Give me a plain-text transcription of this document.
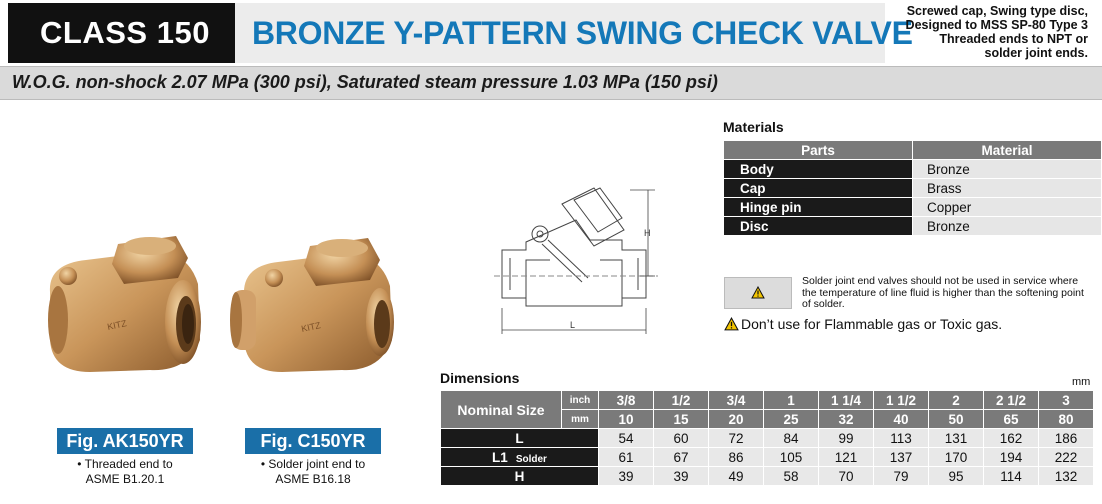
CLASS 150	BRONZE Y-PATTERN SWING CHECK VALVE
Screwed cap, Swing type disc,
Designed to MSS SP-80 Type 3
Threaded ends to NPT or
solder joint ends.
W.O.G. non-shock 2.07 MPa (300 psi), Saturated steam pressure 1.03 MPa (150 psi)
KITZ	KITZ
Fig. AK150YR
• Threaded end to
ASME B1.20.1
Fig. C150YR
• Solder joint end to
ASME B16.18
H
L
Materials
Parts	Material
Body	Bronze
Cap	Brass
Hinge pin	Copper
Disc	Bronze
Solder joint end valves should not be used in service where the temperature of line fluid is higher than the softening point of solder.
Don’t use for Flammable gas or Toxic gas.
Dimensions	mm
Nominal Size	inch	3/8	1/2	3/4	1	1 1/4	1 1/2	2	2 1/2	3
	mm	10	15	20	25	32	40	50	65	80
L		54	60	72	84	99	113	131	162	186
L1 Solder		61	67	86	105	121	137	170	194	222
H		39	39	49	58	70	79	95	114	132
